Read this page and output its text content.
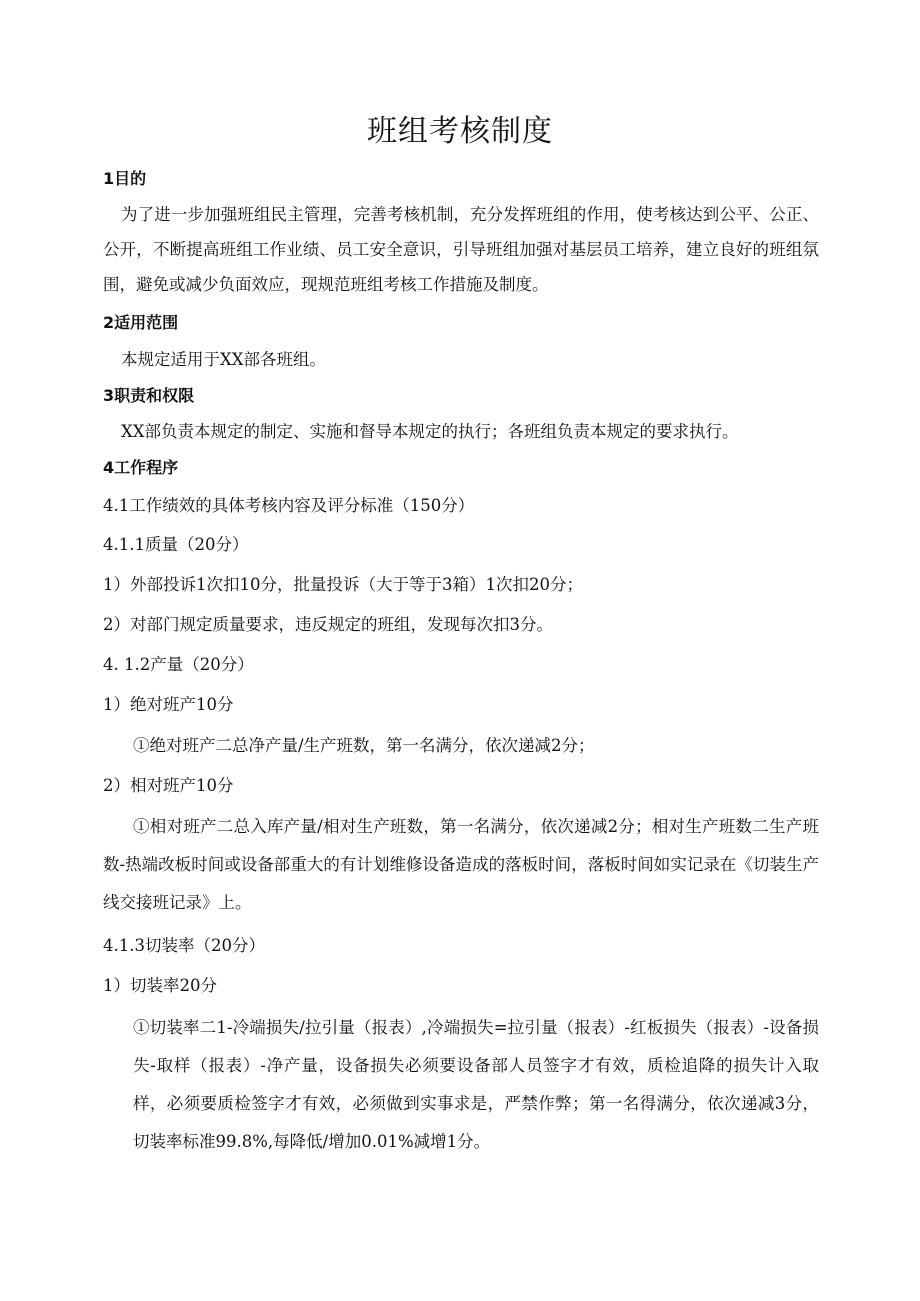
班组考核制度
1目的
为了进一步加强班组民主管理，完善考核机制，充分发挥班组的作用，使考核达到公平、公正、公开，不断提高班组工作业绩、员工安全意识，引导班组加强对基层员工培养，建立良好的班组氛围，避免或减少负面效应，现规范班组考核工作措施及制度。
2适用范围
本规定适用于XX部各班组。
3职责和权限
XX部负责本规定的制定、实施和督导本规定的执行；各班组负责本规定的要求执行。
4工作程序
4.1工作绩效的具体考核内容及评分标准（150分）
4.1.1质量（20分）
1）外部投诉1次扣10分，批量投诉（大于等于3箱）1次扣20分；
2）对部门规定质量要求，违反规定的班组，发现每次扣3分。
4. 1.2产量（20分）
1）绝对班产10分
①绝对班产二总净产量/生产班数，第一名满分，依次递减2分；
2）相对班产10分
①相对班产二总入库产量/相对生产班数，第一名满分，依次递减2分；相对生产班数二生产班数-热端改板时间或设备部重大的有计划维修设备造成的落板时间，落板时间如实记录在《切装生产线交接班记录》上。
4.1.3切装率（20分）
1）切装率20分
①切装率二1-冷端损失/拉引量（报表）,冷端损失=拉引量（报表）-红板损失（报表）-设备损失-取样（报表）-净产量，设备损失必须要设备部人员签字才有效，质检追降的损失计入取样，必须要质检签字才有效，必须做到实事求是，严禁作弊；第一名得满分，依次递减3分，切装率标准99.8%,每降低/增加0.01%减增1分。
